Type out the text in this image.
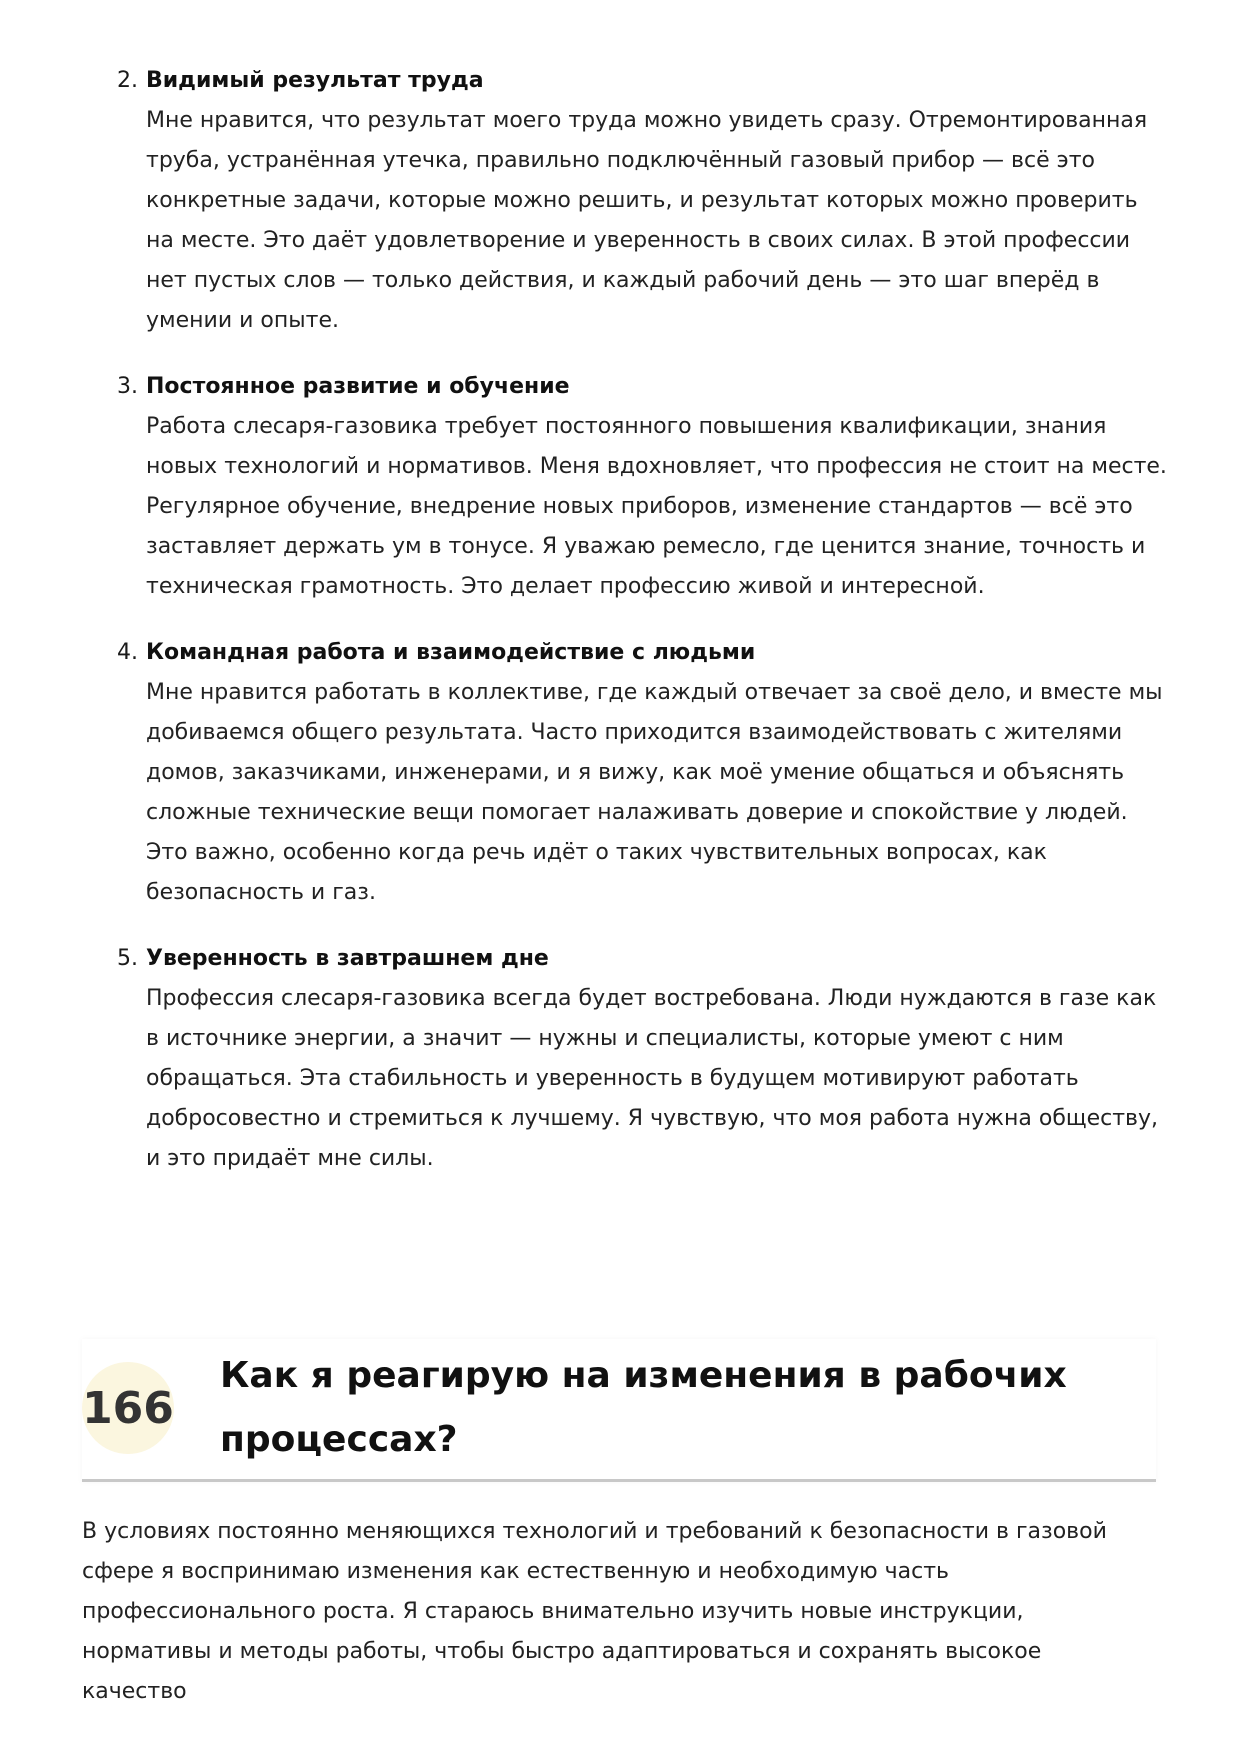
2. Видимый результат труда
Мне нравится, что результат моего труда можно увидеть сразу. Отремонтированная труба, устранённая утечка, правильно подключённый газовый прибор — всё это конкретные задачи, которые можно решить, и результат которых можно проверить на месте. Это даёт удовлетворение и уверенность в своих силах. В этой профессии нет пустых слов — только действия, и каждый рабочий день — это шаг вперёд в умении и опыте.
3. Постоянное развитие и обучение
Работа слесаря-газовика требует постоянного повышения квалификации, знания новых технологий и нормативов. Меня вдохновляет, что профессия не стоит на месте. Регулярное обучение, внедрение новых приборов, изменение стандартов — всё это заставляет держать ум в тонусе. Я уважаю ремесло, где ценится знание, точность и техническая грамотность. Это делает профессию живой и интересной.
4. Командная работа и взаимодействие с людьми
Мне нравится работать в коллективе, где каждый отвечает за своё дело, и вместе мы добиваемся общего результата. Часто приходится взаимодействовать с жителями домов, заказчиками, инженерами, и я вижу, как моё умение общаться и объяснять сложные технические вещи помогает налаживать доверие и спокойствие у людей. Это важно, особенно когда речь идёт о таких чувствительных вопросах, как безопасность и газ.
5. Уверенность в завтрашнем дне
Профессия слесаря-газовика всегда будет востребована. Люди нуждаются в газе как в источнике энергии, а значит — нужны и специалисты, которые умеют с ним обращаться. Эта стабильность и уверенность в будущем мотивируют работать добросовестно и стремиться к лучшему. Я чувствую, что моя работа нужна обществу, и это придаёт мне силы.
166
Как я реагирую на изменения в рабочих процессах?

В условиях постоянно меняющихся технологий и требований к безопасности в газовой сфере я воспринимаю изменения как естественную и необходимую часть профессионального роста. Я стараюсь внимательно изучить новые инструкции, нормативы и методы работы, чтобы быстро адаптироваться и сохранять высокое качество
